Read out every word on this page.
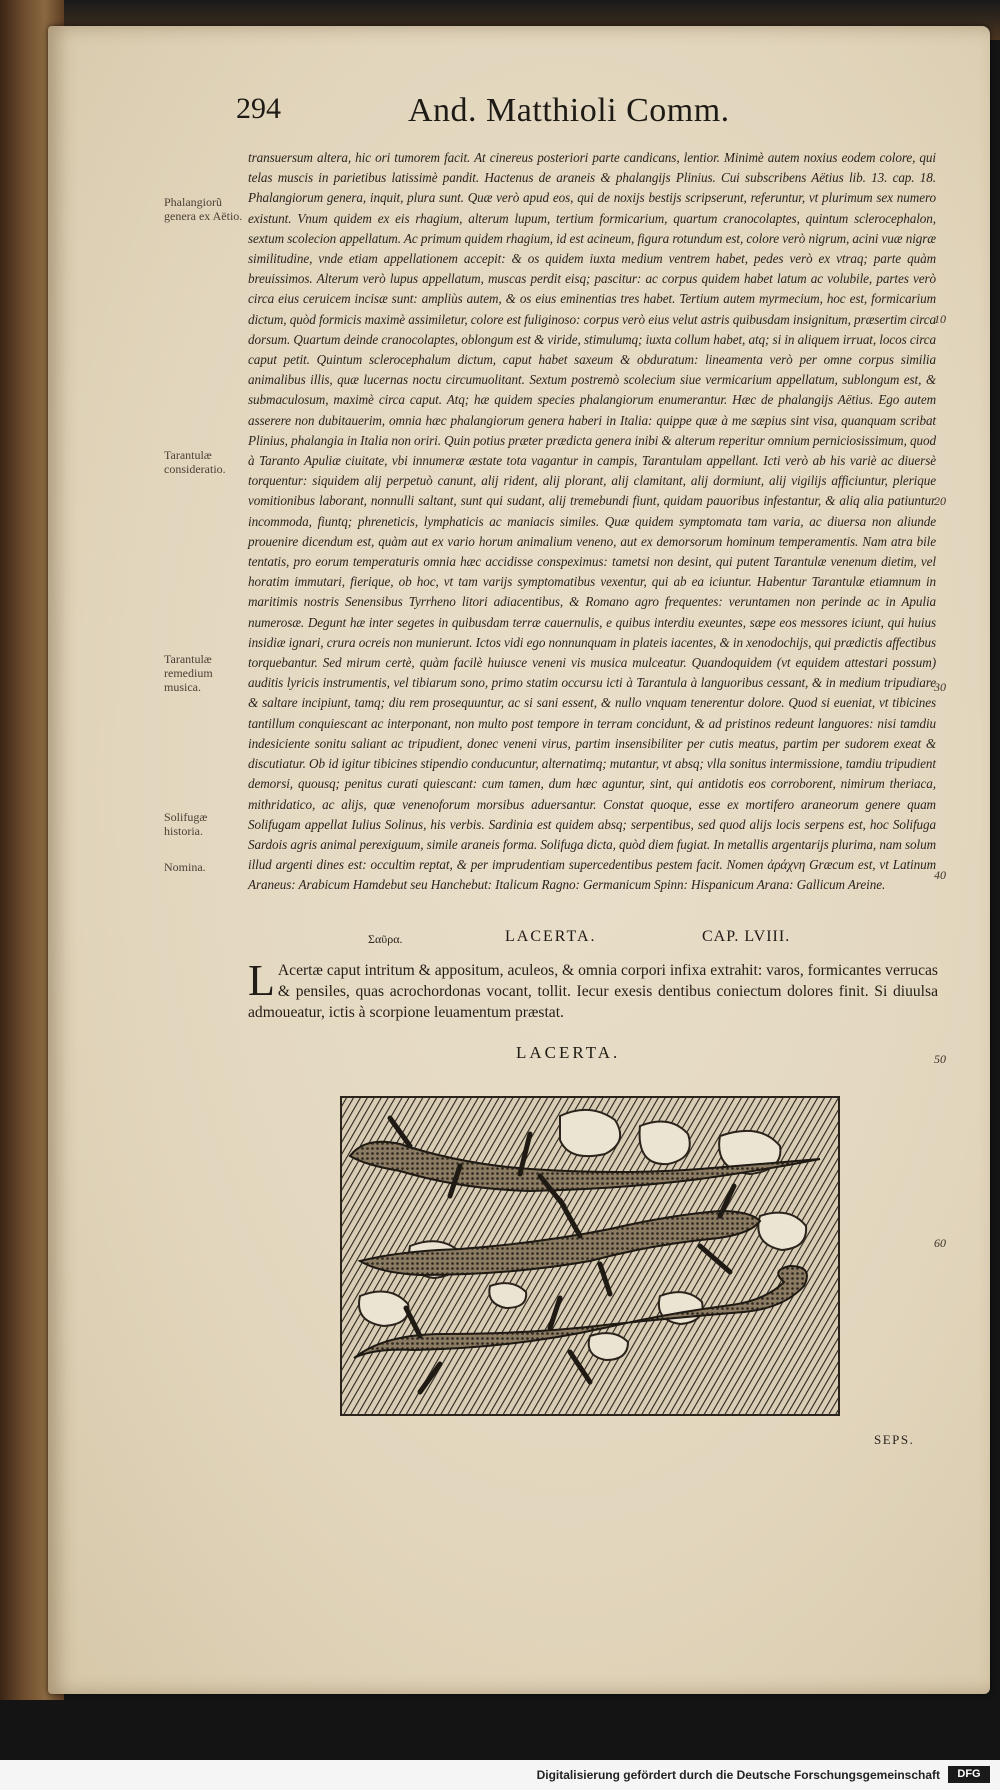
294	And. Matthioli Comm.
Phalangiorũ genera ex Aëtio.
Tarantulæ consideratio.
Tarantulæ remedium musica.
Solifugæ historia.
Nomina.
transuersum altera, hic ori tumorem facit. At cinereus posteriori parte candicans, lentior. Minimè autem noxius eodem colore, qui telas muscis in parietibus latissimè pandit. Hactenus de araneis & phalangijs Plinius. Cui subscribens Aëtius lib. 13. cap. 18. Phalangiorum genera, inquit, plura sunt. Quæ verò apud eos, qui de noxijs bestijs scripserunt, referuntur, vt plurimum sex numero existunt. Vnum quidem ex eis rhagium, alterum lupum, tertium formicarium, quartum cranocolaptes, quintum sclerocephalon, sextum scolecion appellatum. Ac primum quidem rhagium, id est acineum, figura rotundum est, colore verò nigrum, acini vuæ nigræ similitudine, vnde etiam appellationem accepit: & os quidem iuxta medium ventrem habet, pedes verò ex vtraq; parte quàm breuissimos. Alterum verò lupus appellatum, muscas perdit eisq; pascitur: ac corpus quidem habet latum ac volubile, partes verò circa eius ceruicem incisæ sunt: ampliùs autem, & os eius eminentias tres habet. Tertium autem myrmecium, hoc est, formicarium dictum, quòd formicis maximè assimiletur, colore est fuliginoso: corpus verò eius velut astris quibusdam insignitum, præsertim circa dorsum. Quartum deinde cranocolaptes, oblongum est & viride, stimulumq; iuxta collum habet, atq; si in aliquem irruat, locos circa caput petit. Quintum sclerocephalum dictum, caput habet saxeum & obduratum: lineamenta verò per omne corpus similia animalibus illis, quæ lucernas noctu circumuolitant. Sextum postremò scolecium siue vermicarium appellatum, sublongum est, & submaculosum, maximè circa caput. Atq; hæ quidem species phalangiorum enumerantur. Hæc de phalangijs Aëtius. Ego autem asserere non dubitauerim, omnia hæc phalangiorum genera haberi in Italia: quippe quæ à me sæpius sint visa, quanquam scribat Plinius, phalangia in Italia non oriri. Quin potius præter prædicta genera inibi & alterum reperitur omnium perniciosissimum, quod à Taranto Apuliæ ciuitate, vbi innumeræ æstate tota vagantur in campis, Tarantulam appellant. Icti verò ab his variè ac diuersè torquentur: siquidem alij perpetuò canunt, alij rident, alij plorant, alij clamitant, alij dormiunt, alij vigilijs afficiuntur, plerique vomitionibus laborant, nonnulli saltant, sunt qui sudant, alij tremebundi fiunt, quidam pauoribus infestantur, & aliq alia patiuntur incommoda, fiuntq; phreneticis, lymphaticis ac maniacis similes. Quæ quidem symptomata tam varia, ac diuersa non aliunde prouenire dicendum est, quàm aut ex vario horum animalium veneno, aut ex demorsorum hominum temperamentis. Nam atra bile tentatis, pro eorum temperaturis omnia hæc accidisse conspeximus: tametsi non desint, qui putent Tarantulæ venenum dietim, vel horatim immutari, fierique, ob hoc, vt tam varijs symptomatibus vexentur, qui ab ea iciuntur. Habentur Tarantulæ etiamnum in maritimis nostris Senensibus Tyrrheno litori adiacentibus, & Romano agro frequentes: veruntamen non perinde ac in Apulia numerosæ. Degunt hæ inter segetes in quibusdam terræ cauernulis, e quibus interdiu exeuntes, sæpe eos messores iciunt, qui huius insidiæ ignari, crura ocreis non munierunt. Ictos vidi ego nonnunquam in plateis iacentes, & in xenodochijs, qui prædictis affectibus torquebantur. Sed mirum certè, quàm facilè huiusce veneni vis musica mulceatur. Quandoquidem (vt equidem attestari possum) auditis lyricis instrumentis, vel tibiarum sono, primo statim occursu icti à Tarantula à languoribus cessant, & in medium tripudiare & saltare incipiunt, tamq; diu rem prosequuntur, ac si sani essent, & nullo vnquam tenerentur dolore. Quod si eueniat, vt tibicines tantillum conquiescant ac interponant, non multo post tempore in terram concidunt, & ad pristinos redeunt languores: nisi tamdiu indesiciente sonitu saliant ac tripudient, donec veneni virus, partim insensibiliter per cutis meatus, partim per sudorem exeat & discutiatur. Ob id igitur tibicines stipendio conducuntur, alternatimq; mutantur, vt absq; vlla sonitus intermissione, tamdiu tripudient demorsi, quousq; penitus curati quiescant: cum tamen, dum hæc aguntur, sint, qui antidotis eos corroborent, nimirum theriaca, mithridatico, ac alijs, quæ venenoforum morsibus aduersantur. Constat quoque, esse ex mortifero araneorum genere quam Solifugam appellat Iulius Solinus, his verbis. Sardinia est quidem absq; serpentibus, sed quod alijs locis serpens est, hoc Solifuga Sardois agris animal perexiguum, simile araneis forma. Solifuga dicta, quòd diem fugiat. In metallis argentarijs plurima, nam solum illud argenti dines est: occultim reptat, & per imprudentiam supercedentibus pestem facit. Nomen ἀράχνη Græcum est, vt Latinum Araneus: Arabicum Hamdebut seu Hanchebut: Italicum Ragno: Germanicum Spinn: Hispanicum Arana: Gallicum Areine.
10
20
30
40
50
60
Σαῦρα.	LACERTA.	CAP. LVIII.
L Acertæ caput intritum & appositum, aculeos, & omnia corpori infixa extrahit: varos, formicantes verrucas & pensiles, quas acrochordonas vocant, tollit. Iecur exesis dentibus coniectum dolores finit. Si diuulsa admoueatur, ictis à scorpione leuamentum præstat.
LACERTA.
SEPS.
Digitalisierung gefördert durch die Deutsche Forschungsgemeinschaft	DFG
